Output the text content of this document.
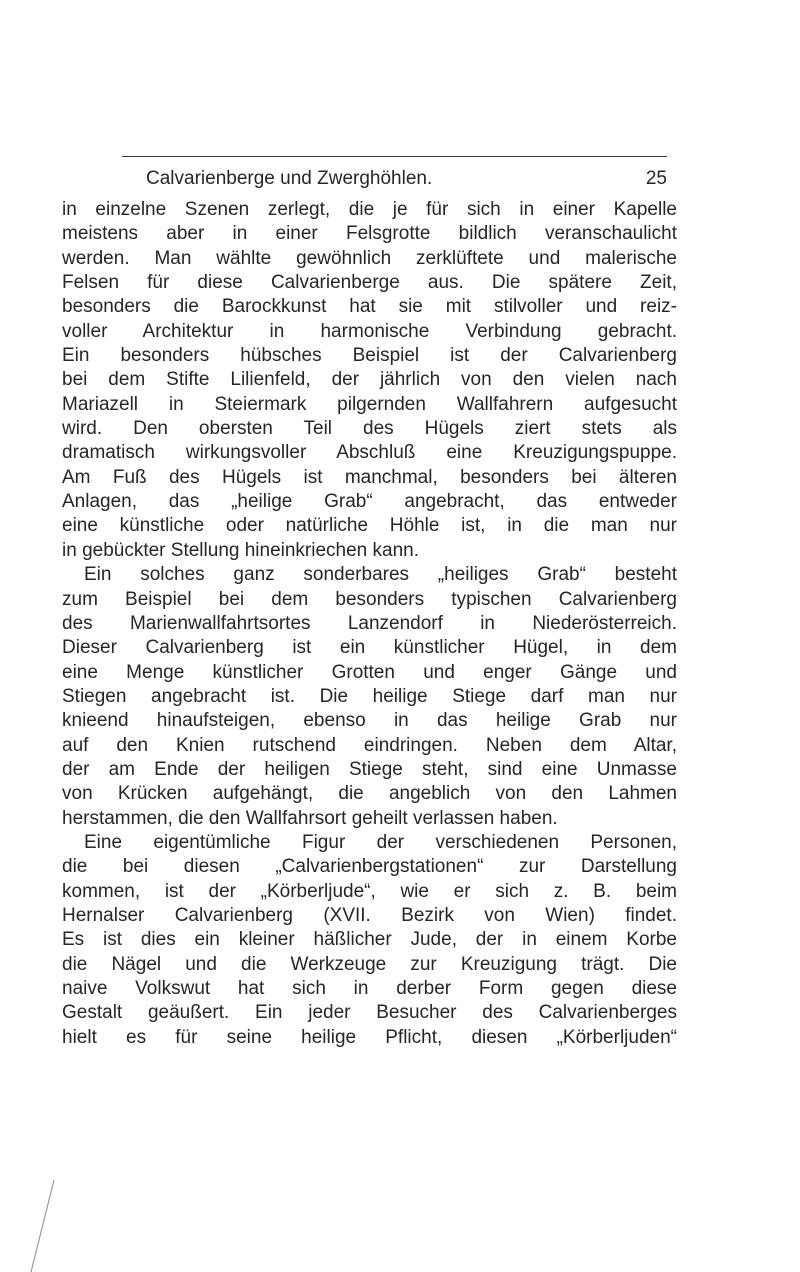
Calvarienberge und Zwerghöhlen.	25
in einzelne Szenen zerlegt, die je für sich in einer Kapelle
meistens aber in einer Felsgrotte bildlich veranschaulicht
werden. Man wählte gewöhnlich zerklüftete und malerische
Felsen für diese Calvarienberge aus. Die spätere Zeit,
besonders die Barockkunst hat sie mit stilvoller und reiz-
voller Architektur in harmonische Verbindung gebracht.
Ein besonders hübsches Beispiel ist der Calvarienberg
bei dem Stifte Lilienfeld, der jährlich von den vielen nach
Mariazell in Steiermark pilgernden Wallfahrern aufgesucht
wird. Den obersten Teil des Hügels ziert stets als
dramatisch wirkungsvoller Abschluß eine Kreuzigungspuppe.
Am Fuß des Hügels ist manchmal, besonders bei älteren
Anlagen, das „heilige Grab“ angebracht, das entweder
eine künstliche oder natürliche Höhle ist, in die man nur
in gebückter Stellung hineinkriechen kann.
Ein solches ganz sonderbares „heiliges Grab“ besteht
zum Beispiel bei dem besonders typischen Calvarienberg
des Marienwallfahrtsortes Lanzendorf in Niederösterreich.
Dieser Calvarienberg ist ein künstlicher Hügel, in dem
eine Menge künstlicher Grotten und enger Gänge und
Stiegen angebracht ist. Die heilige Stiege darf man nur
knieend hinaufsteigen, ebenso in das heilige Grab nur
auf den Knien rutschend eindringen. Neben dem Altar,
der am Ende der heiligen Stiege steht, sind eine Unmasse
von Krücken aufgehängt, die angeblich von den Lahmen
herstammen, die den Wallfahrsort geheilt verlassen haben.
Eine eigentümliche Figur der verschiedenen Personen,
die bei diesen „Calvarienbergstationen“ zur Darstellung
kommen, ist der „Körberljude“, wie er sich z. B. beim
Hernalser Calvarienberg (XVII. Bezirk von Wien) findet.
Es ist dies ein kleiner häßlicher Jude, der in einem Korbe
die Nägel und die Werkzeuge zur Kreuzigung trägt. Die
naive Volkswut hat sich in derber Form gegen diese
Gestalt geäußert. Ein jeder Besucher des Calvarienberges
hielt es für seine heilige Pflicht, diesen „Körberljuden“
